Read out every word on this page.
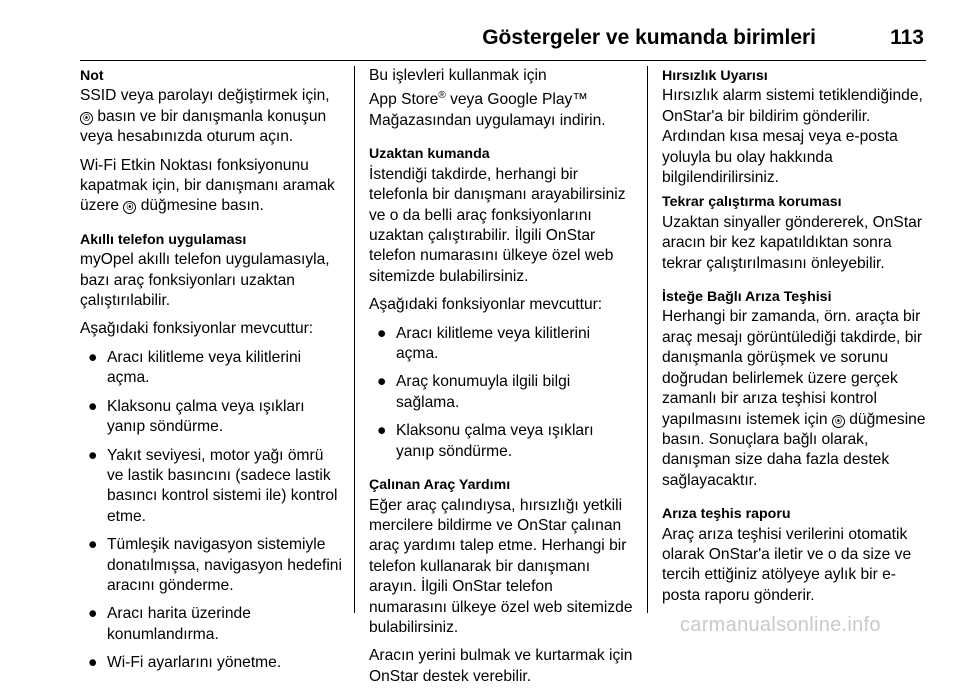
Göstergeler ve kumanda birimleri	113
Not
SSID veya parolayı değiştirmek için,
⦿ basın ve bir danışmanla konuşun veya hesabınızda oturum açın.
Wi-Fi Etkin Noktası fonksiyonunu kapatmak için, bir danışmanı aramak üzere ⦿ düğmesine basın.
Akıllı telefon uygulaması
myOpel akıllı telefon uygulamasıyla, bazı araç fonksiyonları uzaktan çalıştırılabilir.
Aşağıdaki fonksiyonlar mevcuttur:
● Aracı kilitleme veya kilitlerini açma.
● Klaksonu çalma veya ışıkları yanıp söndürme.
● Yakıt seviyesi, motor yağı ömrü ve lastik basıncını (sadece lastik basıncı kontrol sistemi ile) kontrol etme.
● Tümleşik navigasyon sistemiyle donatılmışsa, navigasyon hedefini aracını gönderme.
● Aracı harita üzerinde konumlandırma.
● Wi-Fi ayarlarını yönetme.
Bu işlevleri kullanmak için
App Store® veya Google Play™ Mağazasından uygulamayı indirin.
Uzaktan kumanda
İstendiği takdirde, herhangi bir telefonla bir danışmanı arayabilirsiniz ve o da belli araç fonksiyonlarını uzaktan çalıştırabilir. İlgili OnStar telefon numarasını ülkeye özel web sitemizde bulabilirsiniz.
Aşağıdaki fonksiyonlar mevcuttur:
● Aracı kilitleme veya kilitlerini açma.
● Araç konumuyla ilgili bilgi sağlama.
● Klaksonu çalma veya ışıkları yanıp söndürme.
Çalınan Araç Yardımı
Eğer araç çalındıysa, hırsızlığı yetkili mercilere bildirme ve OnStar çalınan araç yardımı talep etme. Herhangi bir telefon kullanarak bir danışmanı arayın. İlgili OnStar telefon numarasını ülkeye özel web sitemizde bulabilirsiniz.
Aracın yerini bulmak ve kurtarmak için OnStar destek verebilir.
Hırsızlık Uyarısı
Hırsızlık alarm sistemi tetiklendiğinde, OnStar'a bir bildirim gönderilir. Ardından kısa mesaj veya e-posta yoluyla bu olay hakkında bilgilendirilirsiniz.
Tekrar çalıştırma koruması
Uzaktan sinyaller göndererek, OnStar aracın bir kez kapatıldıktan sonra tekrar çalıştırılmasını önleyebilir.
İsteğe Bağlı Arıza Teşhisi
Herhangi bir zamanda, örn. araçta bir araç mesajı görüntülediği takdirde, bir danışmanla görüşmek ve sorunu doğrudan belirlemek üzere gerçek zamanlı bir arıza teşhisi kontrol yapılmasını istemek için ⦿ düğmesine basın. Sonuçlara bağlı olarak, danışman size daha fazla destek sağlayacaktır.
Arıza teşhis raporu
Araç arıza teşhisi verilerini otomatik olarak OnStar'a iletir ve o da size ve tercih ettiğiniz atölyeye aylık bir e-posta raporu gönderir.
carmanualsonline.info
